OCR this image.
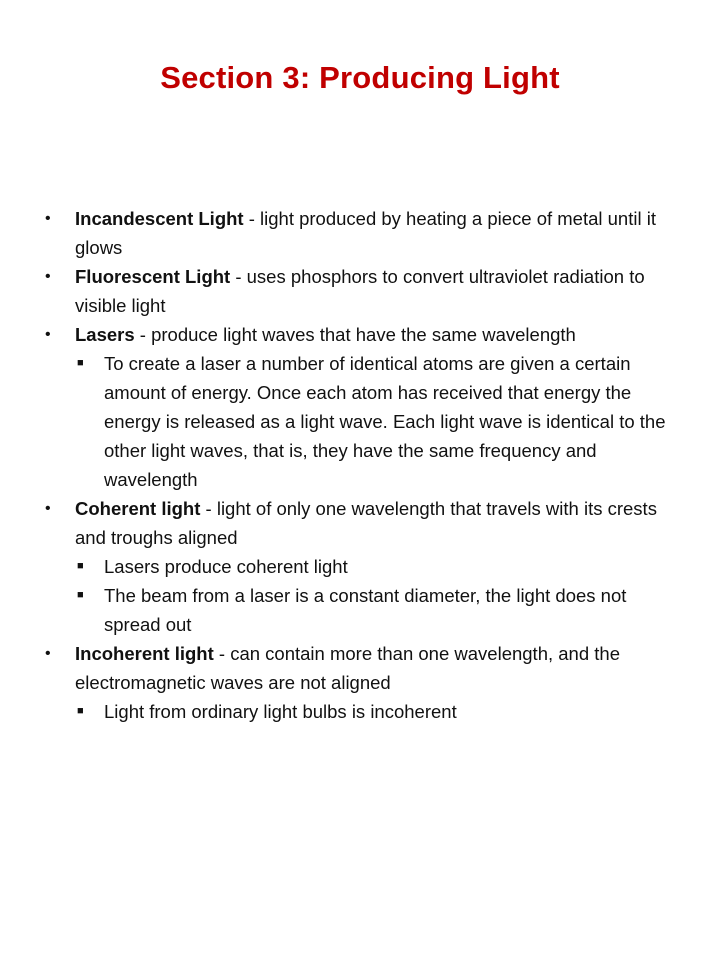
Section 3: Producing Light
• Incandescent Light - light produced by heating a piece of metal until it glows
• Fluorescent Light - uses phosphors to convert ultraviolet radiation to visible light
• Lasers - produce light waves that have the same wavelength
■ To create a laser a number of identical atoms are given a certain amount of energy. Once each atom has received that energy the energy is released as a light wave. Each light wave is identical to the other light waves, that is, they have the same frequency and wavelength
• Coherent light - light of only one wavelength that travels with its crests and troughs aligned
■ Lasers produce coherent light
■ The beam from a laser is a constant diameter, the light does not spread out
• Incoherent light - can contain more than one wavelength, and the electromagnetic waves are not aligned
■ Light from ordinary light bulbs is incoherent
